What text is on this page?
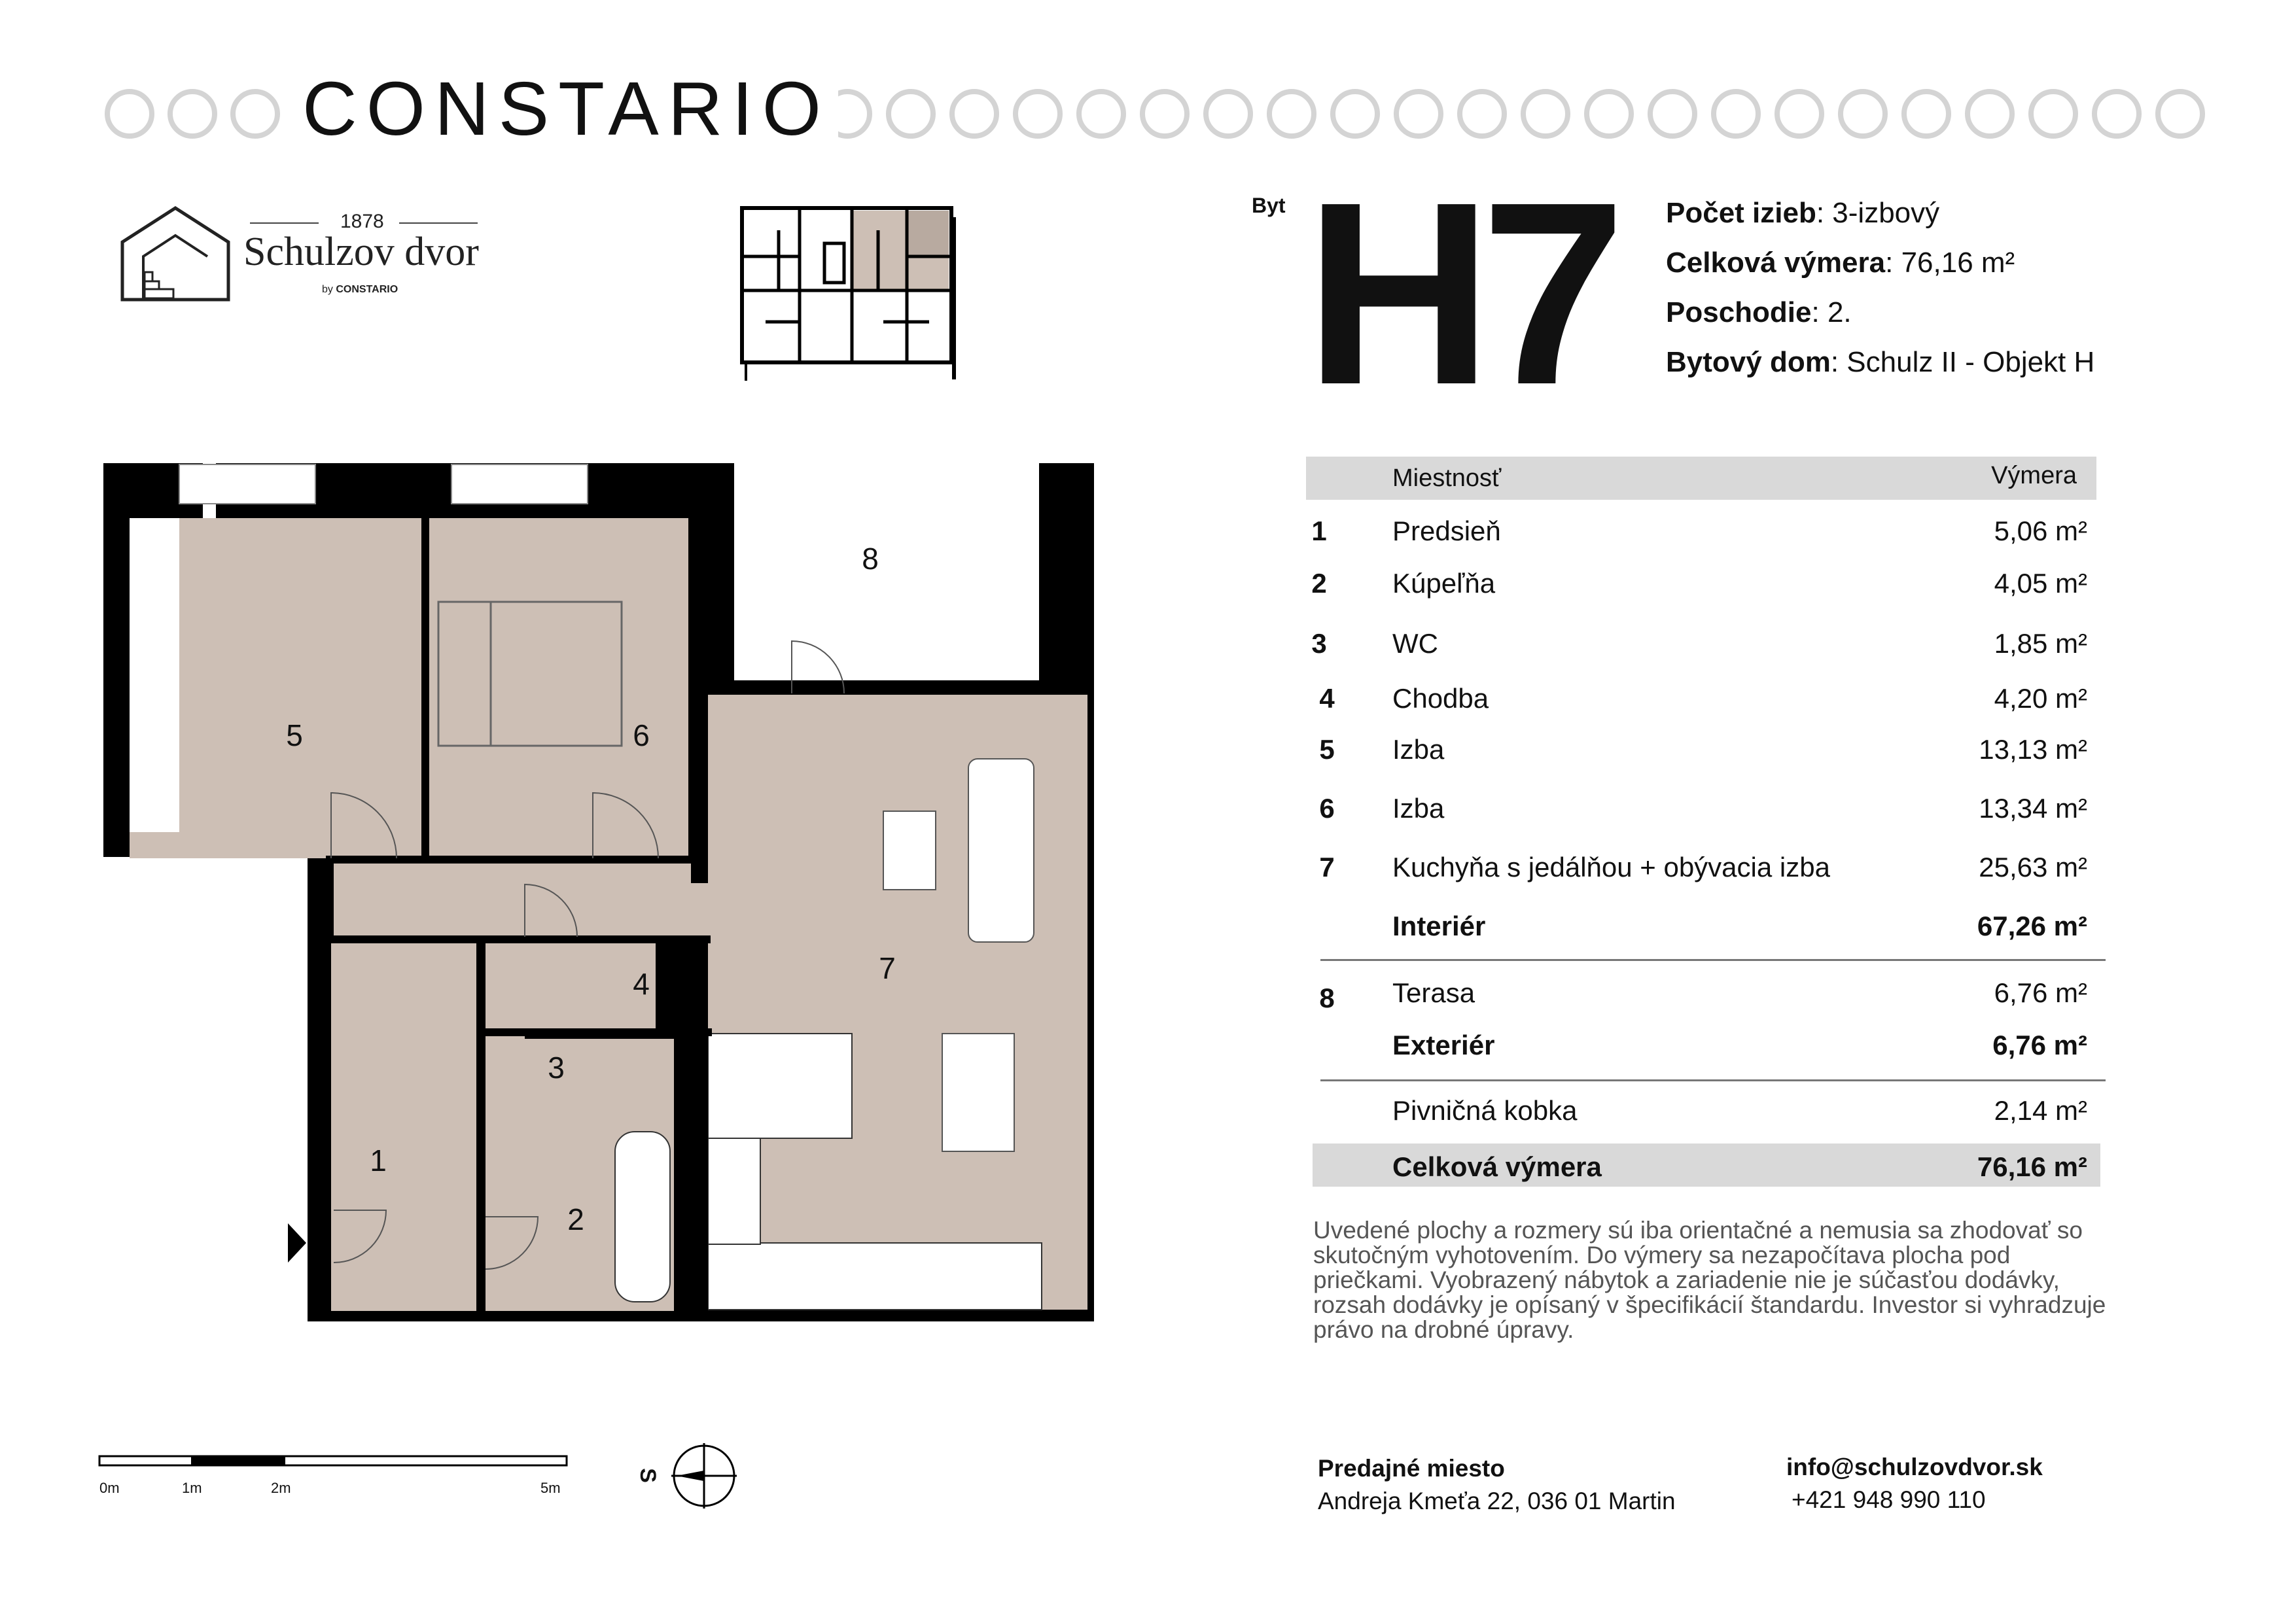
CONSTARIO
1878
Schulzov dvor
by CONSTARIO
Byt H7 Počet izieb: 3-izbový
Celková výmera: 76,16 m²
Poschodie: 2.
Bytový dom: Schulz II - Objekt H
Miestnosť	Výmera
1 Predsieň	5,06 m²
2 Kúpeľňa	4,05 m²
3 WC	1,85 m²
4 Chodba	4,20 m²
5 Izba	13,13 m²
6 Izba	13,34 m²
7 Kuchyňa s jedálňou + obývacia izba	25,63 m²
Interiér	67,26 m²
8 Terasa	6,76 m²
Exteriér	6,76 m²
Pivničná kobka	2,14 m²
Celková výmera	76,16 m²
Uvedené plochy a rozmery sú iba orientačné a nemusia sa zhodovať so skutočným vyhotovením. Do výmery sa nezapočítava plocha pod priečkami. Vyobrazený nábytok a zariadenie nie je súčasťou dodávky, rozsah dodávky je opísaný v špecifikácií štandardu. Investor si vyhradzuje právo na drobné úpravy.
1
2
3
4
5	6
7
8
0m	1m	2m	5m
S	Predajné miesto
Andreja Kmeťa 22, 036 01 Martin
info@schulzovdvor.sk
+421 948 990 110
